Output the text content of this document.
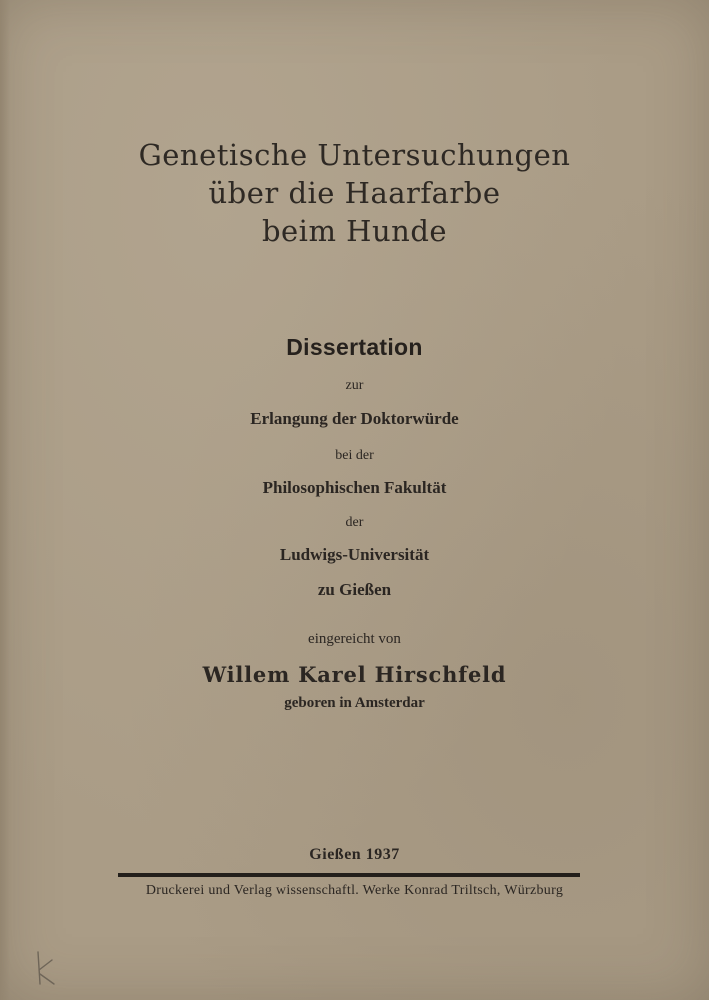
Genetische Untersuchungen
über die Haarfarbe
beim Hunde
Dissertation
zur
Erlangung der Doktorwürde
bei der
Philosophischen Fakultät
der
Ludwigs-Universität
zu Gießen
eingereicht von
Willem Karel Hirschfeld
geboren in Amsterdar
Gießen 1937
Druckerei und Verlag wissenschaftl. Werke Konrad Triltsch, Würzburg
